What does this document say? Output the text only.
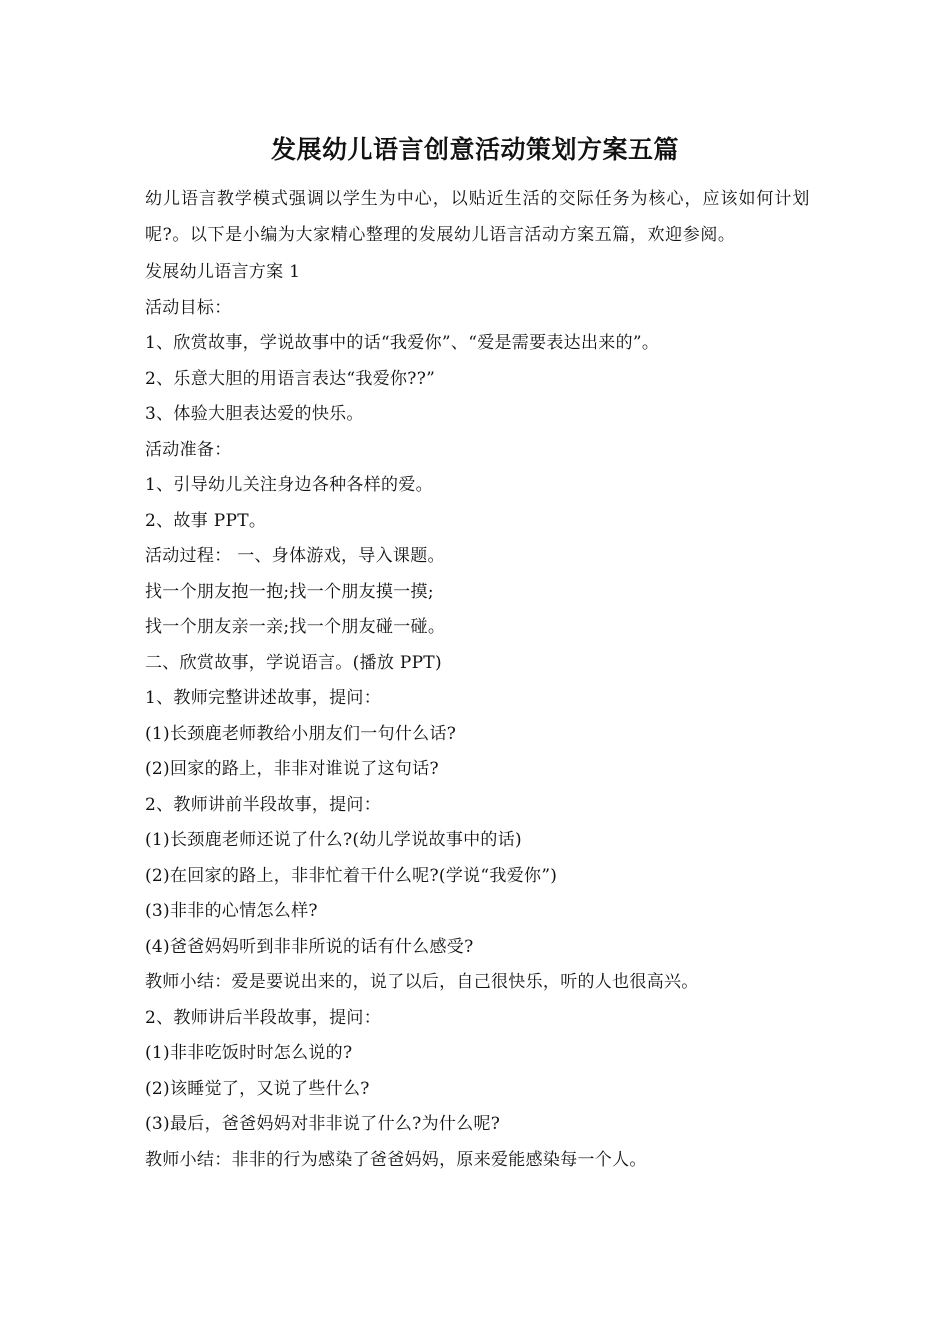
发展幼儿语言创意活动策划方案五篇

幼儿语言教学模式强调以学生为中心，以贴近生活的交际任务为核心，应该如何计划呢?。以下是小编为大家精心整理的发展幼儿语言活动方案五篇，欢迎参阅。

发展幼儿语言方案 1

活动目标：

1、欣赏故事，学说故事中的话“我爱你”、“爱是需要表达出来的”。

2、乐意大胆的用语言表达“我爱你??”

3、体验大胆表达爱的快乐。

活动准备：

1、引导幼儿关注身边各种各样的爱。

2、故事 PPT。

活动过程： 一、身体游戏，导入课题。

找一个朋友抱一抱;找一个朋友摸一摸;

找一个朋友亲一亲;找一个朋友碰一碰。

二、欣赏故事，学说语言。(播放 PPT)

1、教师完整讲述故事，提问：

(1)长颈鹿老师教给小朋友们一句什么话?

(2)回家的路上，非非对谁说了这句话?

2、教师讲前半段故事，提问：

(1)长颈鹿老师还说了什么?(幼儿学说故事中的话)

(2)在回家的路上，非非忙着干什么呢?(学说“我爱你”)

(3)非非的心情怎么样?

(4)爸爸妈妈听到非非所说的话有什么感受?

教师小结：爱是要说出来的，说了以后，自己很快乐，听的人也很高兴。

2、教师讲后半段故事，提问：

(1)非非吃饭时时怎么说的?

(2)该睡觉了，又说了些什么?

(3)最后，爸爸妈妈对非非说了什么?为什么呢?

教师小结：非非的行为感染了爸爸妈妈，原来爱能感染每一个人。
